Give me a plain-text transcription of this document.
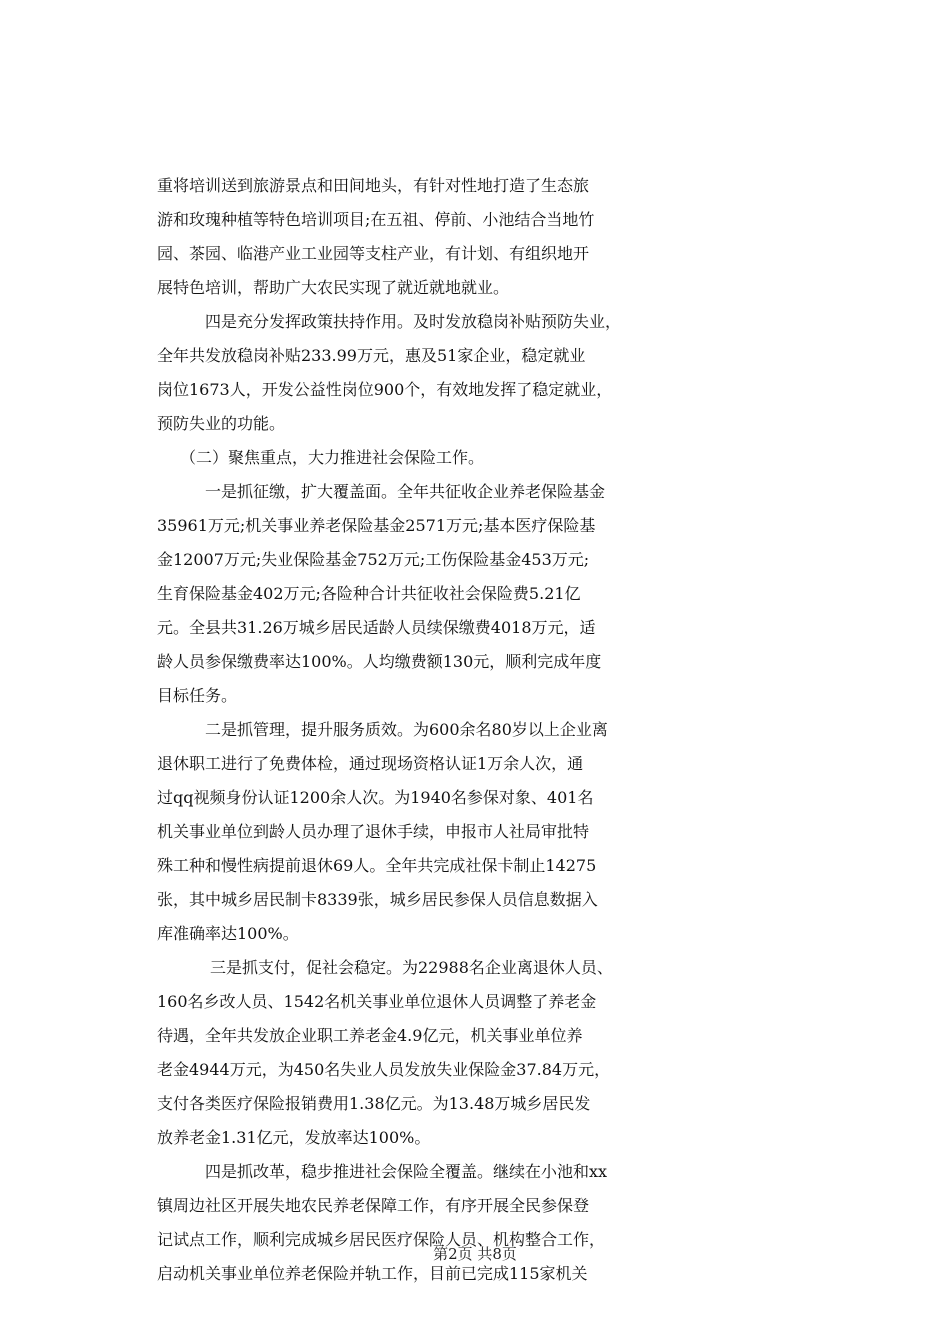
重将培训送到旅游景点和田间地头，有针对性地打造了生态旅
游和玫瑰种植等特色培训项目;在五祖、停前、小池结合当地竹
园、茶园、临港产业工业园等支柱产业，有计划、有组织地开
展特色培训，帮助广大农民实现了就近就地就业。
四是充分发挥政策扶持作用。及时发放稳岗补贴预防失业，
全年共发放稳岗补贴233.99万元，惠及51家企业，稳定就业
岗位1673人，开发公益性岗位900个，有效地发挥了稳定就业，
预防失业的功能。
（二）聚焦重点，大力推进社会保险工作。
一是抓征缴，扩大覆盖面。全年共征收企业养老保险基金
35961万元;机关事业养老保险基金2571万元;基本医疗保险基
金12007万元;失业保险基金752万元;工伤保险基金453万元;
生育保险基金402万元;各险种合计共征收社会保险费5.21亿
元。全县共31.26万城乡居民适龄人员续保缴费4018万元，适
龄人员参保缴费率达100%。人均缴费额130元，顺利完成年度
目标任务。
二是抓管理，提升服务质效。为600余名80岁以上企业离
退休职工进行了免费体检，通过现场资格认证1万余人次，通
过qq视频身份认证1200余人次。为1940名参保对象、401名
机关事业单位到龄人员办理了退休手续，申报市人社局审批特
殊工种和慢性病提前退休69人。全年共完成社保卡制止14275
张，其中城乡居民制卡8339张，城乡居民参保人员信息数据入
库准确率达100%。
三是抓支付，促社会稳定。为22988名企业离退休人员、
160名乡改人员、1542名机关事业单位退休人员调整了养老金
待遇，全年共发放企业职工养老金4.9亿元，机关事业单位养
老金4944万元，为450名失业人员发放失业保险金37.84万元，
支付各类医疗保险报销费用1.38亿元。为13.48万城乡居民发
放养老金1.31亿元，发放率达100%。
四是抓改革，稳步推进社会保险全覆盖。继续在小池和xx
镇周边社区开展失地农民养老保障工作，有序开展全民参保登
记试点工作，顺利完成城乡居民医疗保险人员、机构整合工作，
启动机关事业单位养老保险并轨工作，目前已完成115家机关
第2页 共8页
